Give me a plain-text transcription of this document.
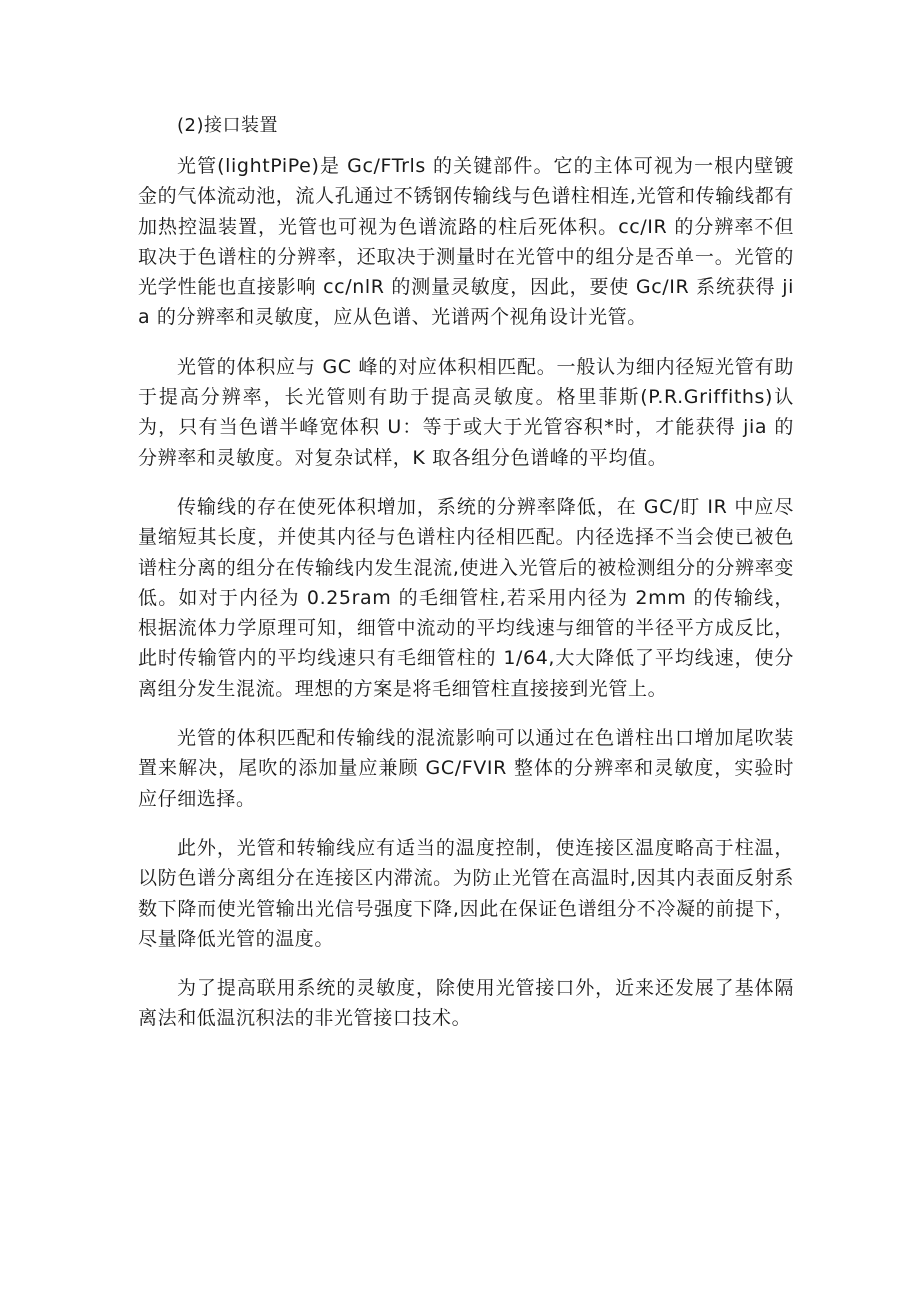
(2)接口装置

光管(lightPiPe)是 Gc/FTrls 的关键部件。它的主体可视为一根内壁镀金的气体流动池，流人孔通过不锈钢传输线与色谱柱相连,光管和传输线都有加热控温装置，光管也可视为色谱流路的柱后死体积。cc/IR 的分辨率不但取决于色谱柱的分辨率，还取决于测量时在光管中的组分是否单一。光管的光学性能也直接影响 cc∕nlR 的测量灵敏度，因此，要使 Gc/IR 系统获得 jia 的分辨率和灵敏度，应从色谱、光谱两个视角设计光管。

光管的体积应与 GC 峰的对应体积相匹配。一般认为细内径短光管有助于提高分辨率，长光管则有助于提高灵敏度。格里菲斯(P.R.Griffiths)认为，只有当色谱半峰宽体积 U：等于或大于光管容积*时，才能获得 jia 的分辨率和灵敏度。对复杂试样，K 取各组分色谱峰的平均值。

传输线的存在使死体积增加，系统的分辨率降低，在 GC/盯 IR 中应尽量缩短其长度，并使其内径与色谱柱内径相匹配。内径选择不当会使已被色谱柱分离的组分在传输线内发生混流,使进入光管后的被检测组分的分辨率变低。如对于内径为 0.25ram 的毛细管柱,若采用内径为 2mm 的传输线，根据流体力学原理可知，细管中流动的平均线速与细管的半径平方成反比，此时传输管内的平均线速只有毛细管柱的 1/64,大大降低了平均线速，使分离组分发生混流。理想的方案是将毛细管柱直接接到光管上。

光管的体积匹配和传输线的混流影响可以通过在色谱柱出口增加尾吹装置来解决，尾吹的添加量应兼顾 GC/FVIR 整体的分辨率和灵敏度，实验时应仔细选择。

此外，光管和转输线应有适当的温度控制，使连接区温度略高于柱温，以防色谱分离组分在连接区内滞流。为防止光管在高温时,因其内表面反射系数下降而使光管输出光信号强度下降,因此在保证色谱组分不冷凝的前提下，尽量降低光管的温度。

为了提高联用系统的灵敏度，除使用光管接口外，近来还发展了基体隔离法和低温沉积法的非光管接口技术。
